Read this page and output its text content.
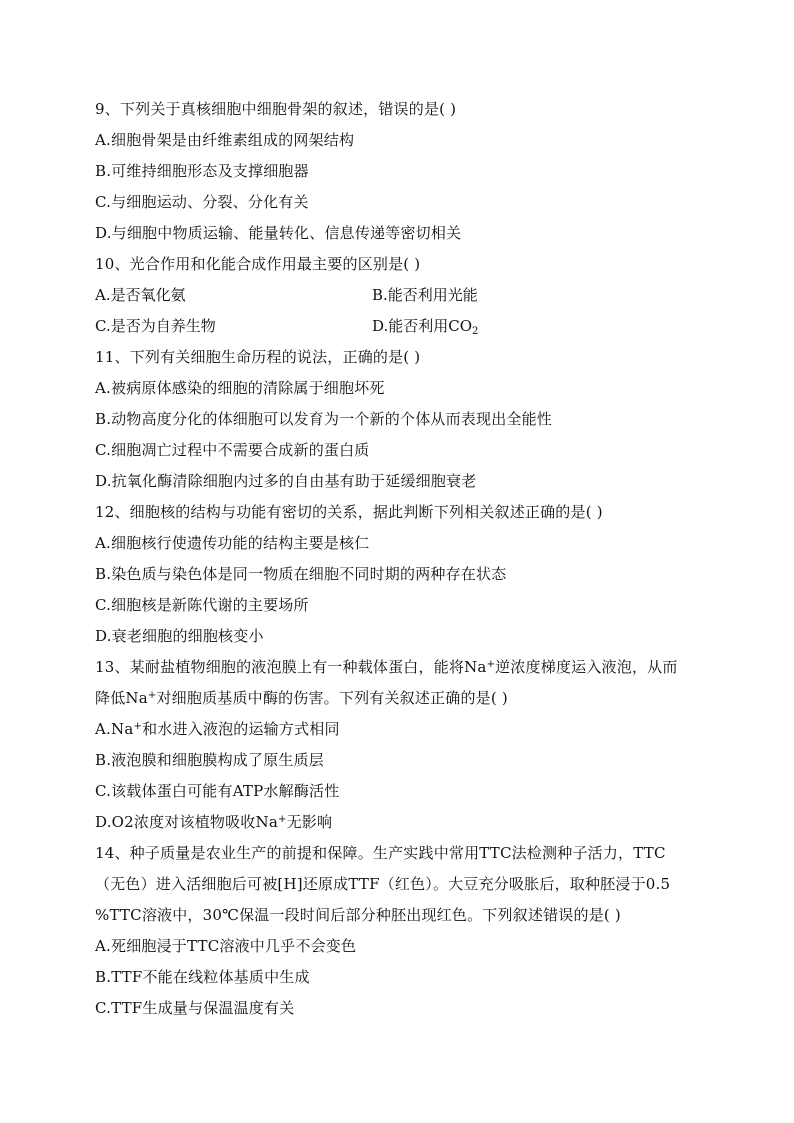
9、下列关于真核细胞中细胞骨架的叙述，错误的是( )
A.细胞骨架是由纤维素组成的网架结构
B.可维持细胞形态及支撑细胞器
C.与细胞运动、分裂、分化有关
D.与细胞中物质运输、能量转化、信息传递等密切相关
10、光合作用和化能合成作用最主要的区别是( )
A.是否氧化氨	B.能否利用光能
C.是否为自养生物	D.能否利用$CO_2$
11、下列有关细胞生命历程的说法，正确的是( )
A.被病原体感染的细胞的清除属于细胞坏死
B.动物高度分化的体细胞可以发育为一个新的个体从而表现出全能性
C.细胞凋亡过程中不需要合成新的蛋白质
D.抗氧化酶清除细胞内过多的自由基有助于延缓细胞衰老
12、细胞核的结构与功能有密切的关系，据此判断下列相关叙述正确的是( )
A.细胞核行使遗传功能的结构主要是核仁
B.染色质与染色体是同一物质在细胞不同时期的两种存在状态
C.细胞核是新陈代谢的主要场所
D.衰老细胞的细胞核变小
13、某耐盐植物细胞的液泡膜上有一种载体蛋白，能将Na+逆浓度梯度运入液泡，从而
降低Na+对细胞质基质中酶的伤害。下列有关叙述正确的是( )
A.Na+和水进入液泡的运输方式相同
B.液泡膜和细胞膜构成了原生质层
C.该载体蛋白可能有ATP水解酶活性
D.O2浓度对该植物吸收Na+无影响
14、种子质量是农业生产的前提和保障。生产实践中常用TTC法检测种子活力，TTC
（无色）进入活细胞后可被[H]还原成TTF（红色）。大豆充分吸胀后，取种胚浸于0.5
%TTC溶液中，30℃保温一段时间后部分种胚出现红色。下列叙述错误的是( )
A.死细胞浸于TTC溶液中几乎不会变色
B.TTF不能在线粒体基质中生成
C.TTF生成量与保温温度有关
